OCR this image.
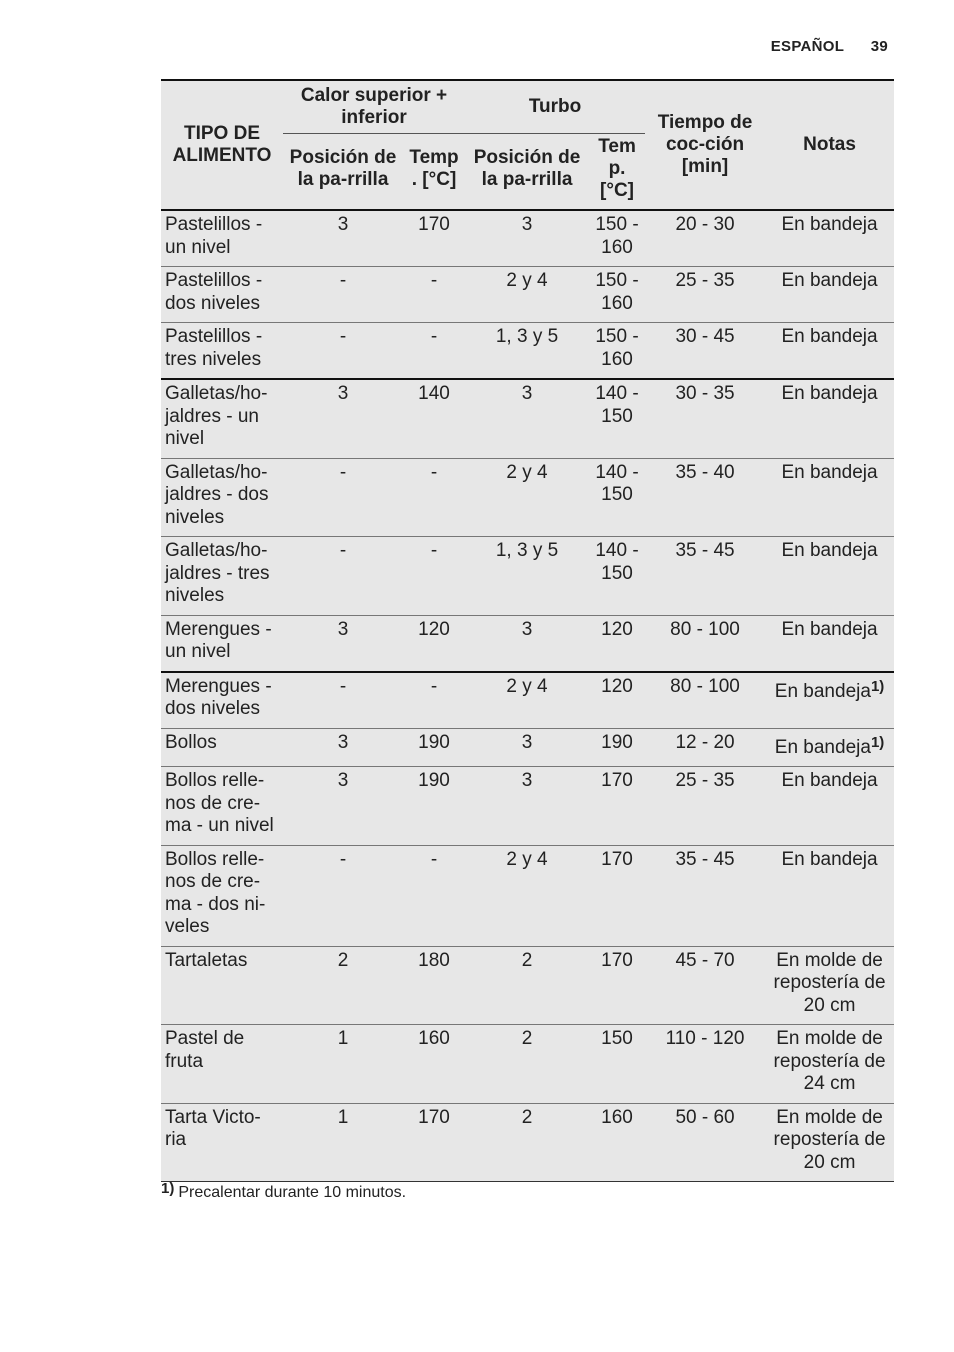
ESPAÑOL 39
TIPO DE ALIMENTO	Calor superior + inferior		Turbo		Tiempo de coc-ción [min]	Notas
	Posición de la pa-rrilla	Temp . [°C]	Posición de la pa-rrilla	Tem p. [°C]		
Pastelillos - un nivel	3	170	3	150 - 160	20 - 30	En bandeja
Pastelillos - dos niveles	-	-	2 y 4	150 - 160	25 - 35	En bandeja
Pastelillos - tres niveles	-	-	1, 3 y 5	150 - 160	30 - 45	En bandeja
Galletas/ho-jaldres - un nivel	3	140	3	140 - 150	30 - 35	En bandeja
Galletas/ho-jaldres - dos niveles	-	-	2 y 4	140 - 150	35 - 40	En bandeja
Galletas/ho-jaldres - tres niveles	-	-	1, 3 y 5	140 - 150	35 - 45	En bandeja
Merengues - un nivel	3	120	3	120	80 - 100	En bandeja
Merengues - dos niveles	-	-	2 y 4	120	80 - 100	En bandeja$^{1)}$
Bollos	3	190	3	190	12 - 20	En bandeja$^{1)}$
Bollos relle-nos de cre-ma - un nivel	3	190	3	170	25 - 35	En bandeja
Bollos relle-nos de cre-ma - dos ni-veles	-	-	2 y 4	170	35 - 45	En bandeja
Tartaletas	2	180	2	170	45 - 70	En molde de repostería de 20 cm
Pastel de fruta	1	160	2	150	110 - 120	En molde de repostería de 24 cm
Tarta Victo-ria	1	170	2	160	50 - 60	En molde de repostería de 20 cm
1) Precalentar durante 10 minutos.
